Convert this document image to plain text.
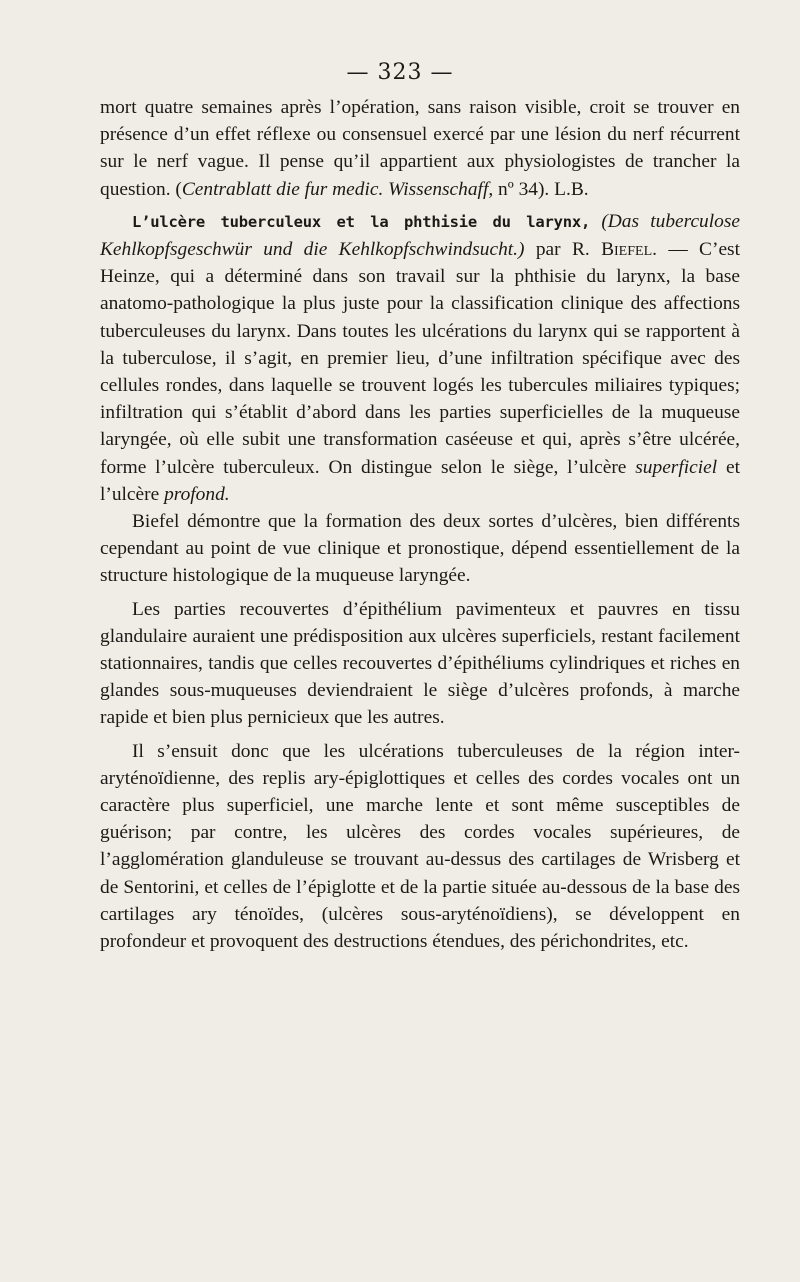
— 323 —

mort quatre semaines après l’opération, sans raison visible, croit se trouver en présence d’un effet réflexe ou consensuel exercé par une lésion du nerf récurrent sur le nerf vague. Il pense qu’il appartient aux physiologistes de trancher la question. (Centrablatt die fur medic. Wissenschaff, nº 34). L.B.

L’ulcère tuberculeux et la phthisie du larynx, (Das tuberculose Kehlkopfsgeschwür und die Kehlkopfschwindsucht.) par R. Biefel. — C’est Heinze, qui a déterminé dans son travail sur la phthisie du larynx, la base anatomo-pathologique la plus juste pour la classification clinique des affections tuberculeuses du larynx. Dans toutes les ulcérations du larynx qui se rapportent à la tuberculose, il s’agit, en premier lieu, d’une infiltration spécifique avec des cellules rondes, dans laquelle se trouvent logés les tubercules miliaires typiques; infiltration qui s’établit d’abord dans les parties superficielles de la muqueuse laryngée, où elle subit une transformation caséeuse et qui, après s’être ulcérée, forme l’ulcère tuberculeux. On distingue selon le siège, l’ulcère superficiel et l’ulcère profond.

Biefel démontre que la formation des deux sortes d’ulcères, bien différents cependant au point de vue clinique et pronostique, dépend essentiellement de la structure histologique de la muqueuse laryngée.

Les parties recouvertes d’épithélium pavimenteux et pauvres en tissu glandulaire auraient une prédisposition aux ulcères superficiels, restant facilement stationnaires, tandis que celles recouvertes d’épithéliums cylindriques et riches en glandes sous-muqueuses deviendraient le siège d’ulcères profonds, à marche rapide et bien plus pernicieux que les autres.

Il s’ensuit donc que les ulcérations tuberculeuses de la région inter-aryténoïdienne, des replis ary-épiglottiques et celles des cordes vocales ont un caractère plus superficiel, une marche lente et sont même susceptibles de guérison; par contre, les ulcères des cordes vocales supérieures, de l’agglomération glanduleuse se trouvant au-dessus des cartilages de Wrisberg et de Sentorini, et celles de l’épiglotte et de la partie située au-dessous de la base des cartilages ary ténoïdes, (ulcères sous-aryténoïdiens), se développent en profondeur et provoquent des destructions étendues, des périchondrites, etc.
